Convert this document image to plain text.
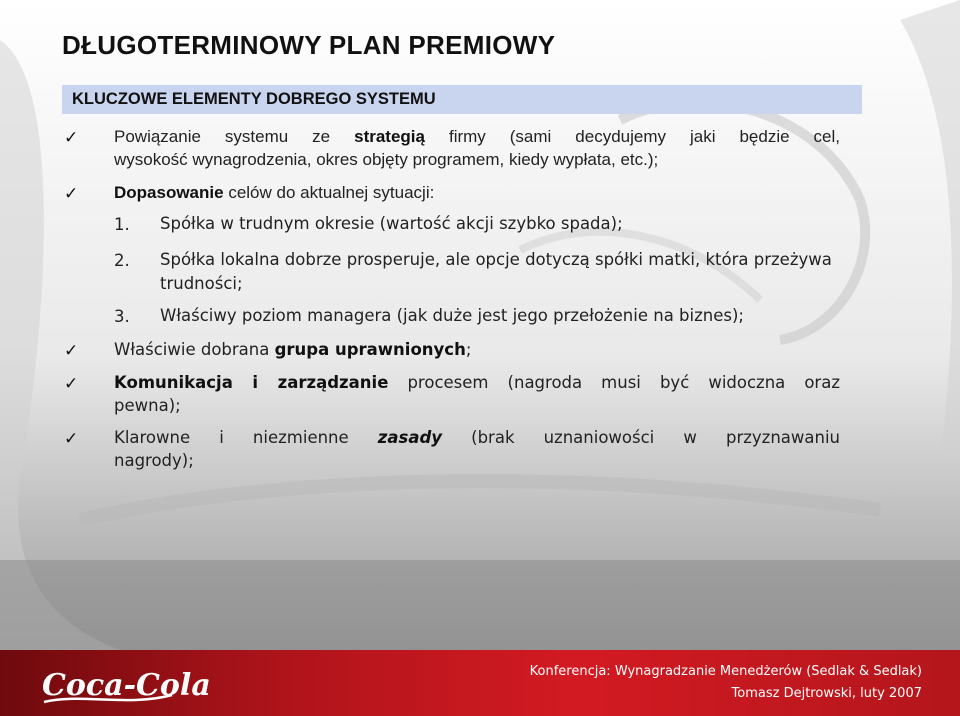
DŁUGOTERMINOWY PLAN PREMIOWY
KLUCZOWE ELEMENTY DOBREGO SYSTEMU
✓ Powiązanie systemu ze strategią firmy (sami decydujemy jaki będzie cel,
wysokość wynagrodzenia, okres objęty programem, kiedy wypłata, etc.);
✓ Dopasowanie celów do aktualnej sytuacji:
1. Spółka w trudnym okresie (wartość akcji szybko spada);
2. Spółka lokalna dobrze prosperuje, ale opcje dotyczą spółki matki, która przeżywa trudności;
3. Właściwy poziom managera (jak duże jest jego przełożenie na biznes);
✓ Właściwie dobrana grupa uprawnionych;
✓ Komunikacja i zarządzanie procesem (nagroda musi być widoczna oraz
pewna);
✓ Klarowne i niezmienne zasady (brak uznaniowości w przyznawaniu
nagrody);
Coca-Cola	Konferencja: Wynagradzanie Menedżerów (Sedlak & Sedlak)
Tomasz Dejtrowski, luty 2007
